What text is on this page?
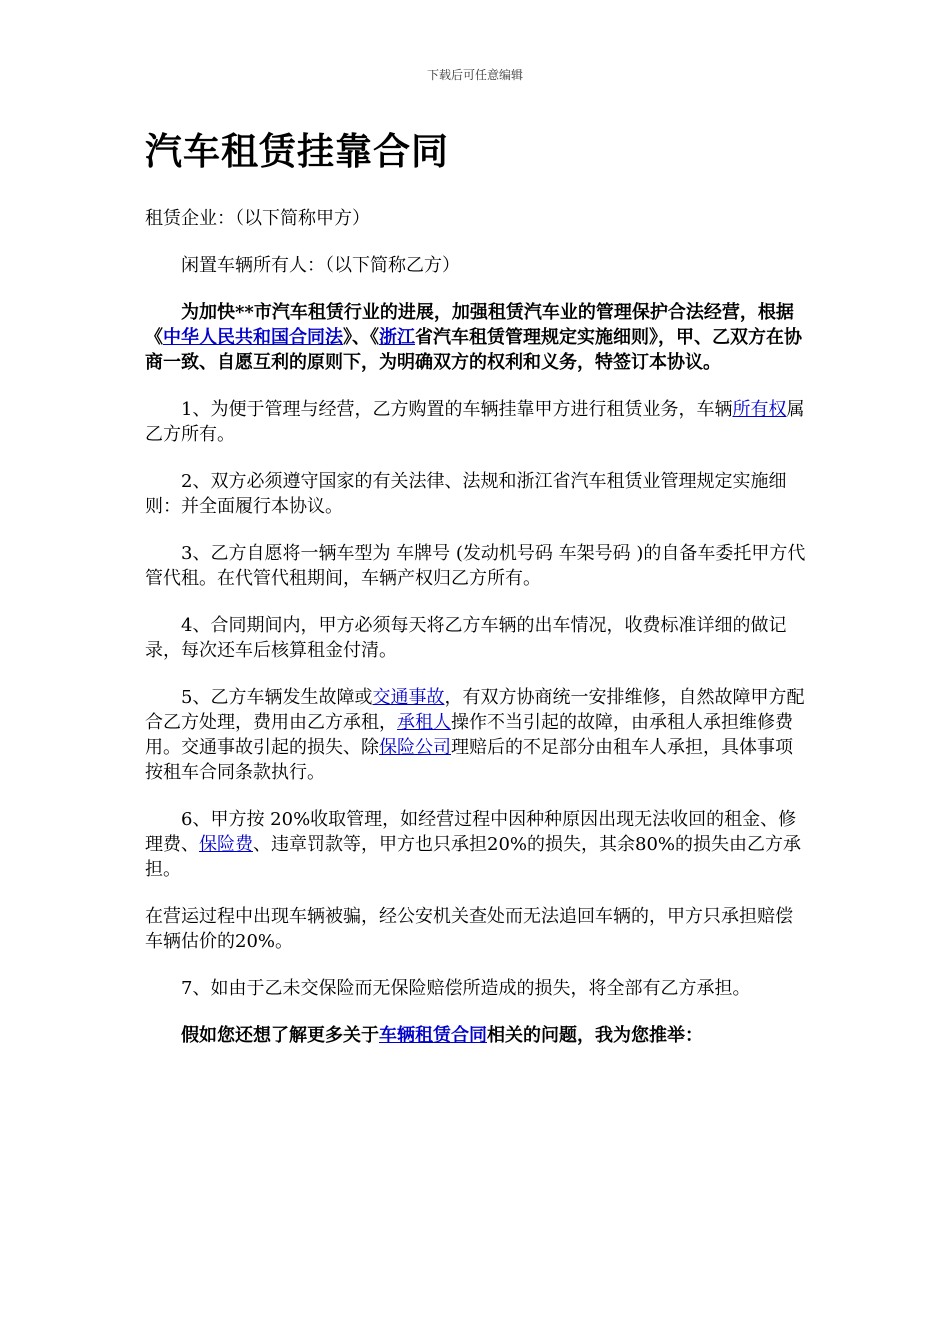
下载后可任意编辑
汽车租赁挂靠合同

租赁企业：（以下简称甲方）

闲置车辆所有人：（以下简称乙方）

为加快**市汽车租赁行业的进展，加强租赁汽车业的管理保护合法经营，根据《中华人民共和国合同法》、《浙江省汽车租赁管理规定实施细则》，甲、乙双方在协商一致、自愿互利的原则下，为明确双方的权利和义务，特签订本协议。

1、为便于管理与经营，乙方购置的车辆挂靠甲方进行租赁业务，车辆所有权属乙方所有。

2、双方必须遵守国家的有关法律、法规和浙江省汽车租赁业管理规定实施细则：并全面履行本协议。

3、乙方自愿将一辆车型为 车牌号 (发动机号码 车架号码 )的自备车委托甲方代管代租。在代管代租期间，车辆产权归乙方所有。

4、合同期间内，甲方必须每天将乙方车辆的出车情况，收费标准详细的做记录，每次还车后核算租金付清。

5、乙方车辆发生故障或交通事故，有双方协商统一安排维修，自然故障甲方配合乙方处理，费用由乙方承租，承租人操作不当引起的故障，由承租人承担维修费用。交通事故引起的损失、除保险公司理赔后的不足部分由租车人承担，具体事项按租车合同条款执行。

6、甲方按 20%收取管理，如经营过程中因种种原因出现无法收回的租金、修理费、保险费、违章罚款等，甲方也只承担20%的损失，其余80%的损失由乙方承担。

在营运过程中出现车辆被骗，经公安机关查处而无法追回车辆的，甲方只承担赔偿车辆估价的20%。

7、如由于乙未交保险而无保险赔偿所造成的损失，将全部有乙方承担。

假如您还想了解更多关于车辆租赁合同相关的问题，我为您推举：
